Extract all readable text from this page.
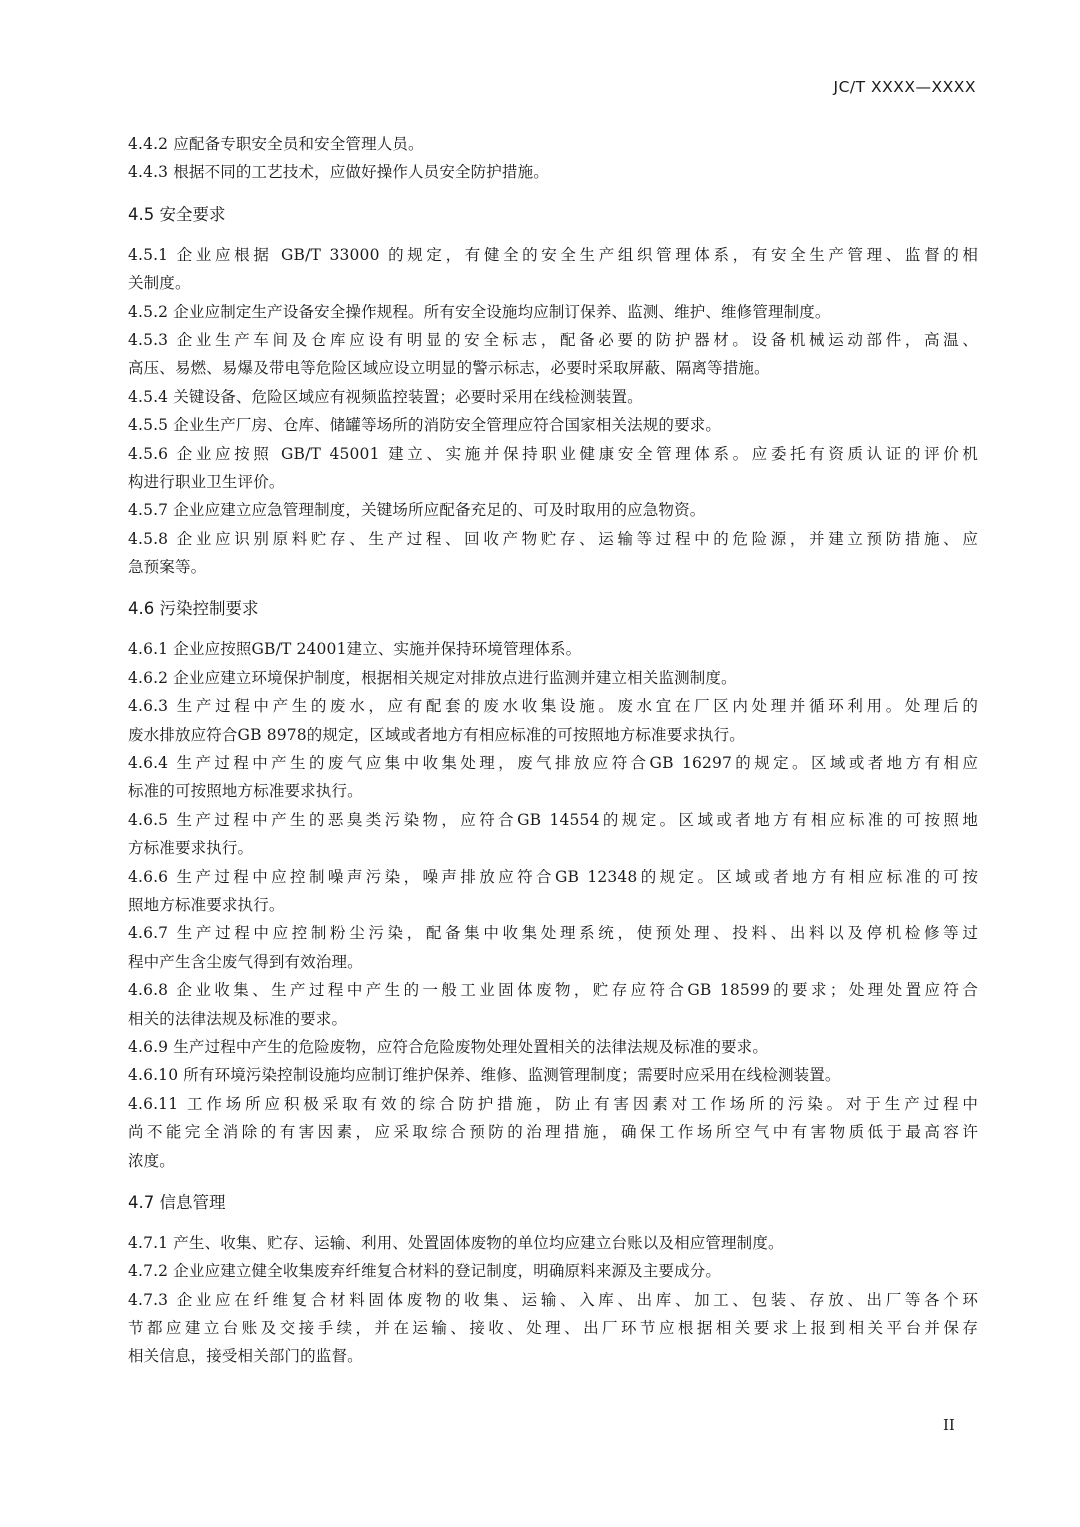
JC/T XXXX—XXXX
4.4.2 应配备专职安全员和安全管理人员。
4.4.3 根据不同的工艺技术，应做好操作人员安全防护措施。
4.5 安全要求
4.5.1 企业应根据 GB/T 33000 的规定，有健全的安全生产组织管理体系，有安全生产管理、监督的相
关制度。
4.5.2 企业应制定生产设备安全操作规程。所有安全设施均应制订保养、监测、维护、维修管理制度。
4.5.3 企业生产车间及仓库应设有明显的安全标志，配备必要的防护器材。设备机械运动部件，高温、
高压、易燃、易爆及带电等危险区域应设立明显的警示标志，必要时采取屏蔽、隔离等措施。
4.5.4 关键设备、危险区域应有视频监控装置；必要时采用在线检测装置。
4.5.5 企业生产厂房、仓库、储罐等场所的消防安全管理应符合国家相关法规的要求。
4.5.6 企业应按照 GB/T 45001 建立、实施并保持职业健康安全管理体系。应委托有资质认证的评价机
构进行职业卫生评价。
4.5.7 企业应建立应急管理制度，关键场所应配备充足的、可及时取用的应急物资。
4.5.8 企业应识别原料贮存、生产过程、回收产物贮存、运输等过程中的危险源，并建立预防措施、应
急预案等。
4.6 污染控制要求
4.6.1 企业应按照GB/T 24001建立、实施并保持环境管理体系。
4.6.2 企业应建立环境保护制度，根据相关规定对排放点进行监测并建立相关监测制度。
4.6.3 生产过程中产生的废水，应有配套的废水收集设施。废水宜在厂区内处理并循环利用。处理后的
废水排放应符合GB 8978的规定，区域或者地方有相应标准的可按照地方标准要求执行。
4.6.4 生产过程中产生的废气应集中收集处理，废气排放应符合GB 16297的规定。区域或者地方有相应
标准的可按照地方标准要求执行。
4.6.5 生产过程中产生的恶臭类污染物，应符合GB 14554的规定。区域或者地方有相应标准的可按照地
方标准要求执行。
4.6.6 生产过程中应控制噪声污染，噪声排放应符合GB 12348的规定。区域或者地方有相应标准的可按
照地方标准要求执行。
4.6.7 生产过程中应控制粉尘污染，配备集中收集处理系统，使预处理、投料、出料以及停机检修等过
程中产生含尘废气得到有效治理。
4.6.8 企业收集、生产过程中产生的一般工业固体废物，贮存应符合GB 18599的要求；处理处置应符合
相关的法律法规及标准的要求。
4.6.9 生产过程中产生的危险废物，应符合危险废物处理处置相关的法律法规及标准的要求。
4.6.10 所有环境污染控制设施均应制订维护保养、维修、监测管理制度；需要时应采用在线检测装置。
4.6.11 工作场所应积极采取有效的综合防护措施，防止有害因素对工作场所的污染。对于生产过程中
尚不能完全消除的有害因素，应采取综合预防的治理措施，确保工作场所空气中有害物质低于最高容许
浓度。
4.7 信息管理
4.7.1 产生、收集、贮存、运输、利用、处置固体废物的单位均应建立台账以及相应管理制度。
4.7.2 企业应建立健全收集废弃纤维复合材料的登记制度，明确原料来源及主要成分。
4.7.3 企业应在纤维复合材料固体废物的收集、运输、入库、出库、加工、包装、存放、出厂等各个环
节都应建立台账及交接手续，并在运输、接收、处理、出厂环节应根据相关要求上报到相关平台并保存
相关信息，接受相关部门的监督。
II
